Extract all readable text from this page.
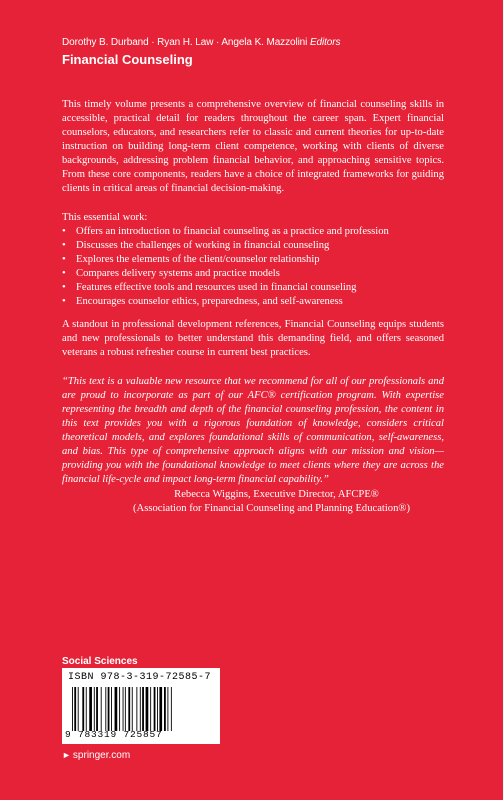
Dorothy B. Durband · Ryan H. Law · Angela K. Mazzolini Editors
Financial Counseling
This timely volume presents a comprehensive overview of financial counseling skills in accessible, practical detail for readers throughout the career span. Expert financial counselors, educators, and researchers refer to classic and current theories for up-to-date instruction on building long-term client competence, working with clients of diverse backgrounds, addressing problem financial behavior, and approaching sensitive topics. From these core components, readers have a choice of integrated frameworks for guiding clients in critical areas of financial decision-making.
This essential work:
• Offers an introduction to financial counseling as a practice and profession
• Discusses the challenges of working in financial counseling
• Explores the elements of the client/counselor relationship
• Compares delivery systems and practice models
• Features effective tools and resources used in financial counseling
• Encourages counselor ethics, preparedness, and self-awareness
A standout in professional development references, Financial Counseling equips students and new professionals to better understand this demanding field, and offers seasoned veterans a robust refresher course in current best practices.
“This text is a valuable new resource that we recommend for all of our professionals and are proud to incorporate as part of our AFC® certification program. With expertise representing the breadth and depth of the financial counseling profession, the content in this text provides you with a rigorous foundation of knowledge, considers critical theoretical models, and explores foundational skills of communication, self-awareness, and bias. This type of comprehensive approach aligns with our mission and vision—providing you with the foundational knowledge to meet clients where they are across the financial life-cycle and impact long-term financial capability.”
Rebecca Wiggins, Executive Director, AFCPE®
(Association for Financial Counseling and Planning Education®)
Social Sciences
ISBN 978-3-319-72585-7
9 783319 725857
► springer.com
